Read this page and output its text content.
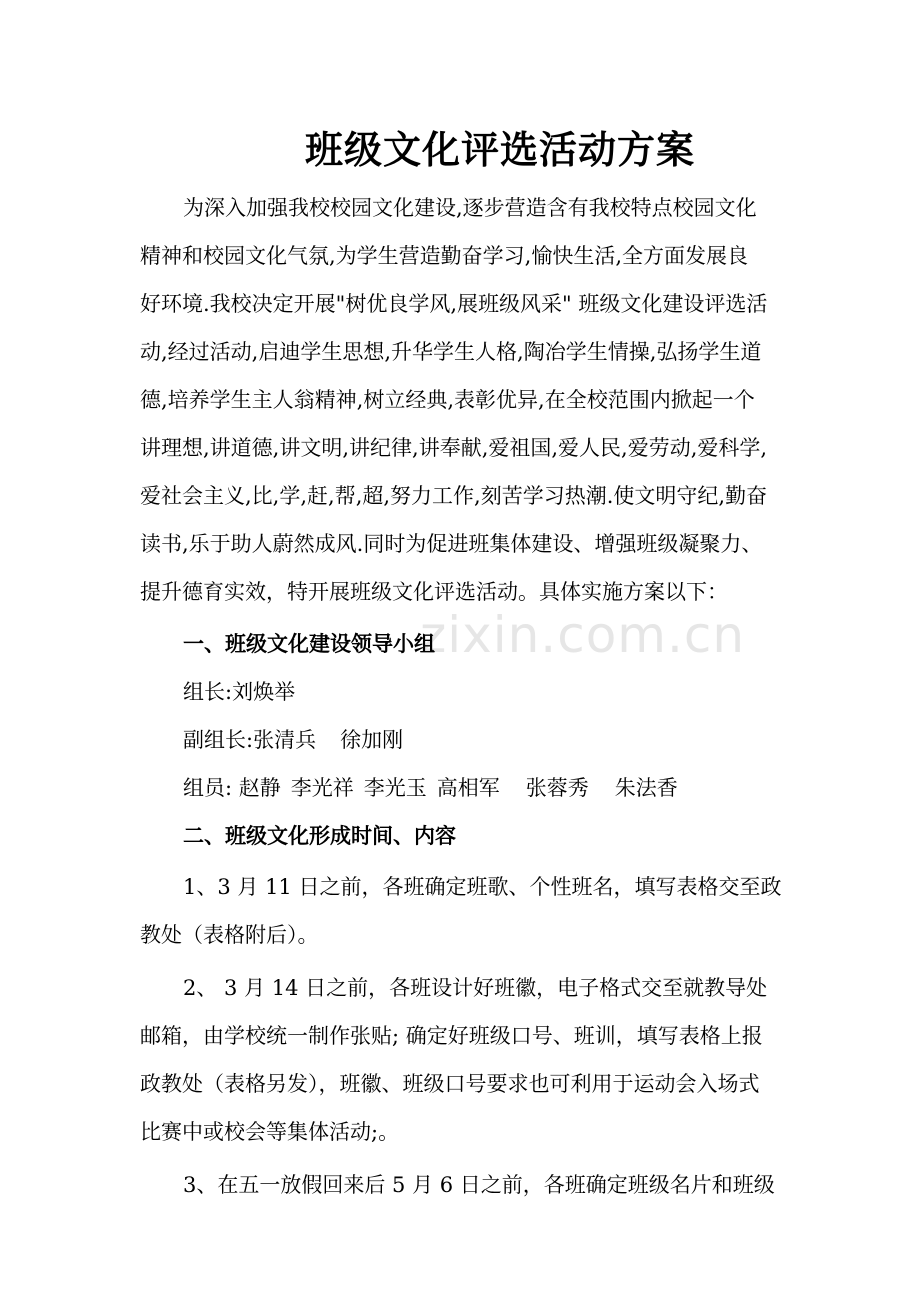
班级文化评选活动方案
zixin.com.cn
为深入加强我校校园文化建设,逐步营造含有我校特点校园文化
精神和校园文化气氛,为学生营造勤奋学习,愉快生活,全方面发展良
好环境.我校决定开展"树优良学风,展班级风采" 班级文化建设评选活
动,经过活动,启迪学生思想,升华学生人格,陶冶学生情操,弘扬学生道
德,培养学生主人翁精神,树立经典,表彰优异,在全校范围内掀起一个
讲理想,讲道德,讲文明,讲纪律,讲奉献,爱祖国,爱人民,爱劳动,爱科学,
爱社会主义,比,学,赶,帮,超,努力工作,刻苦学习热潮.使文明守纪,勤奋
读书,乐于助人蔚然成风.同时为促进班集体建设、增强班级凝聚力、
提升德育实效，特开展班级文化评选活动。具体实施方案以下：
一、班级文化建设领导小组
组长:刘焕举
副组长:张清兵 徐加刚
组员: 赵静 李光祥 李光玉 高相军 张蓉秀 朱法香
二、班级文化形成时间、内容
1、3 月 11 日之前，各班确定班歌、个性班名，填写表格交至政
教处（表格附后）。
2、 3 月 14 日之前，各班设计好班徽，电子格式交至就教导处
邮箱，由学校统一制作张贴; 确定好班级口号、班训，填写表格上报
政教处（表格另发），班徽、班级口号要求也可利用于运动会入场式
比赛中或校会等集体活动;。
3、在五一放假回来后 5 月 6 日之前，各班确定班级名片和班级
